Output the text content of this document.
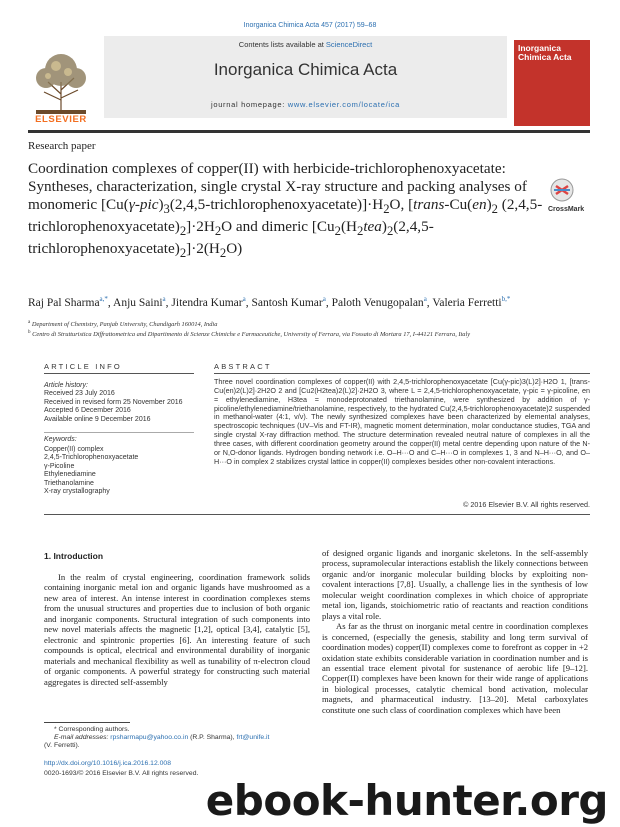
Inorganica Chimica Acta 457 (2017) 59–68
Contents lists available at ScienceDirect
Inorganica Chimica Acta
journal homepage: www.elsevier.com/locate/ica
ELSEVIER
Inorganica Chimica Acta
Research paper
Coordination complexes of copper(II) with herbicide-trichlorophenoxyacetate: Syntheses, characterization, single crystal X-ray structure and packing analyses of monomeric $[Cu(\gamma-pic)_3(2,4,5-trichlorophenoxyacetate)]\cdot H_2O$, [$trans-Cu(en)_2$ $(2,4,5-trichlorophenoxyacetate)_2]\cdot 2H_2O$ and dimeric $[Cu_2(H_2tea)_2(2,4,5-trichlorophenoxyacetate)_2]\cdot 2(H_2O)$
CrossMark
Raj Pal Sharma$^{a,*}$, Anju Saini$^a$, Jitendra Kumar$^a$, Santosh Kumar$^a$, Paloth Venugopalan$^a$, Valeria Ferretti$^{b,*}$
$^a$ Department of Chemistry, Panjab University, Chandigarh 160014, India
$^b$ Centro di Strutturistica Diffrattometrica and Dipartimento di Scienze Chimiche e Farmaceutiche, University of Ferrara, via Fossato di Mortara 17, I-44121 Ferrara, Italy
ARTICLE INFO	ABSTRACT
Article history:
Received 23 July 2016
Received in revised form 25 November 2016
Accepted 6 December 2016
Available online 9 December 2016
Keywords:
Copper(II) complex
2,4,5-Trichlorophenoxyacetate
γ-Picoline
Ethylenediamine
Triethanolamine
X-ray crystallography

Three novel coordination complexes of copper(II) with 2,4,5-trichlorophenoxyacetate [Cu(γ-pic)3(L)2]·H2O 1, [trans-Cu(en)2(L)2]·2H2O 2 and [Cu2(H2tea)2(L)2]·2H2O 3, where L = 2,4,5-trichlorophenoxyacetate, γ-pic = γ-picoline, en = ethylenediamine, H3tea = monodeprotonated triethanolamine, were synthesized by addition of γ-picoline/ethylenediamine/triethanolamine, respectively, to the hydrated Cu(2,4,5-trichlorophenoxyacetate)2 suspended in methanol-water (4:1, v/v). The newly synthesized complexes have been characterized by elemental analyses, spectroscopic techniques (UV–Vis and FT-IR), magnetic moment determination, molar conductance studies, TGA and single crystal X-ray diffraction method. The structure determination revealed neutral nature of complexes in all the three cases, with different coordination geometry around the copper(II) metal centre depending upon nature of the N- or N,O-donor ligands. Hydrogen bonding network i.e. O–H···O and C–H···O in complexes 1, 3 and N–H···O, and O–H···O in complex 2 stabilizes crystal lattice in copper(II) complexes besides other non-covalent interactions.

© 2016 Elsevier B.V. All rights reserved.
1. Introduction

In the realm of crystal engineering, coordination framework solids containing inorganic metal ion and organic ligands have mushroomed as a new area of interest. An intense interest in coordination complexes stems from the unusual structures and properties due to inclusion of both organic and inorganic components. Structural integration of such components into new novel materials affects the magnetic [1,2], optical [3,4], catalytic [5], electronic and spintronic properties [6]. An interesting feature of such compounds is optical, electrical and environmental durability of inorganic materials and mechanical flexibility as well as tunability of π-electron cloud of organic components. A powerful strategy for constructing such material aggregates is directed self-assembly

of designed organic ligands and inorganic skeletons. In the self-assembly process, supramolecular interactions establish the likely connections between organic and/or inorganic molecular building blocks by exploiting non-covalent interactions [7,8]. Usually, a challenge lies in the synthesis of low molecular weight coordination complexes in which choice of appropriate metal ion, ligands, stoichiometric ratio of reactants and reaction conditions plays a vital role.

As far as the thrust on inorganic metal centre in coordination complexes is concerned, (especially the genesis, stability and long term survival of coordination modes) copper(II) complexes come to forefront as copper in +2 oxidation state exhibits considerable variation in coordination number and is an essential trace element pivotal for sustenance of aerobic life [9–12]. Copper(II) complexes have been known for their wide range of applications in biological processes, catalytic chemical bond activation, molecular magnets, and pharmaceutical industry. [13–20]. Metal carboxylates constitute one such class of coordination complexes which have been

* Corresponding authors.
E-mail addresses: rpsharmapu@yahoo.co.in (R.P. Sharma), frt@unife.it
(V. Ferretti).
http://dx.doi.org/10.1016/j.ica.2016.12.008
0020-1693/© 2016 Elsevier B.V. All rights reserved.
ebook-hunter.org
